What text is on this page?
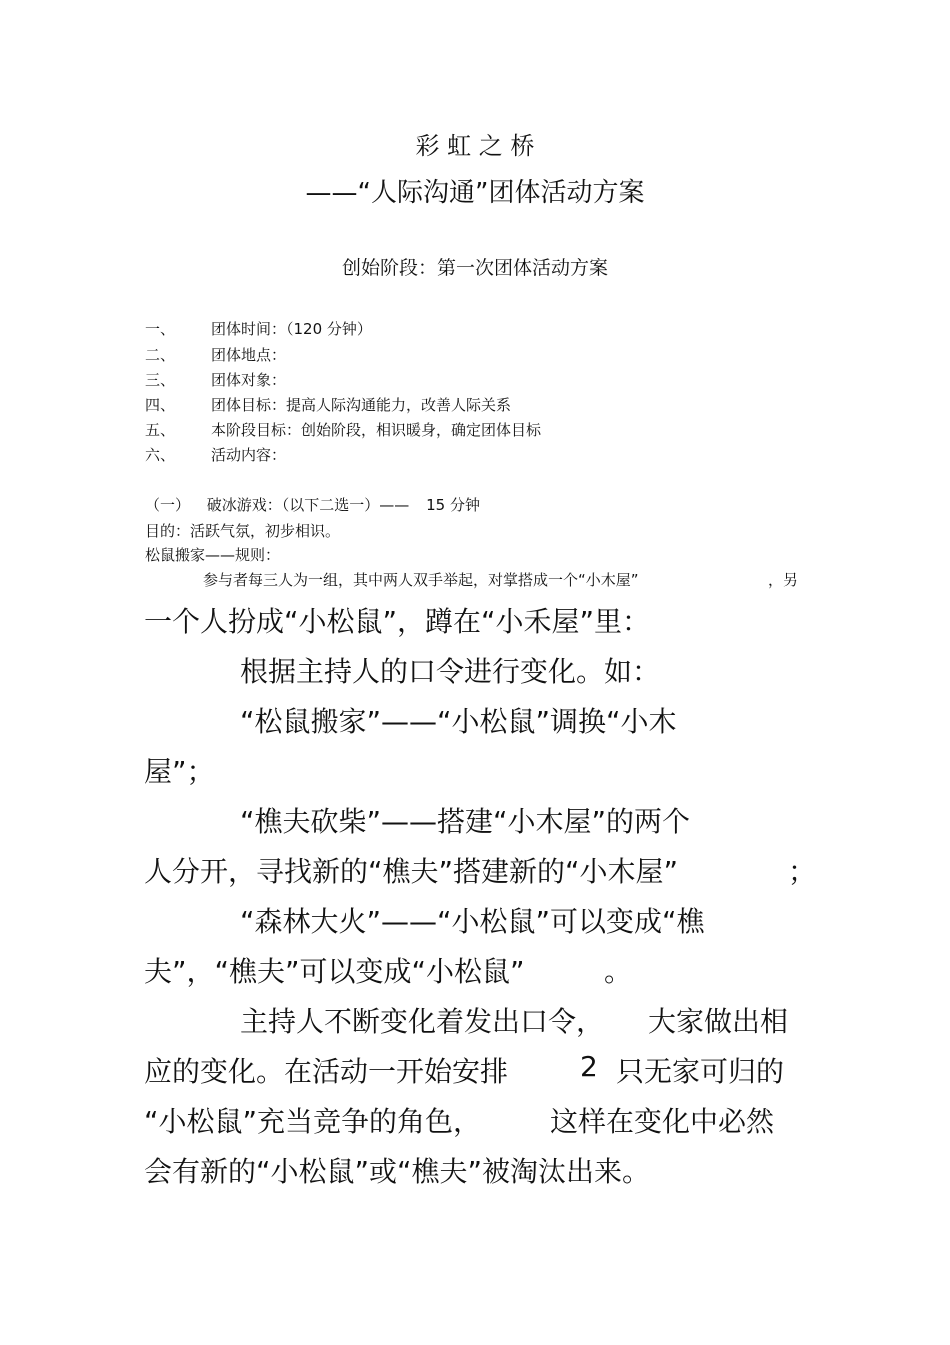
彩 虹 之 桥
——“人际沟通”团体活动方案
创始阶段：第一次团体活动方案
一、 团体时间：（120 分钟）
二、 团体地点：
三、 团体对象：
四、 团体目标：提高人际沟通能力，改善人际关系
五、 本阶段目标：创始阶段，相识暖身，确定团体目标
六、 活动内容：
（一） 破冰游戏：（以下二选一）—— 15 分钟
目的：活跃气氛，初步相识。
松鼠搬家——规则：
参与者每三人为一组，其中两人双手举起，对掌搭成一个“小木屋”	，另
一个人扮成“小松鼠”，蹲在“小禾屋”里：
根据主持人的口令进行变化。如：
“松鼠搬家”——“小松鼠”调换“小木
屋”；
“樵夫砍柴”——搭建“小木屋”的两个
人分开，寻找新的“樵夫”搭建新的“小木屋”	；
“森林大火”——“小松鼠”可以变成“樵
夫”，“樵夫”可以变成“小松鼠”	。
主持人不断变化着发出口令， 大家做出相
应的变化。在活动一开始安排	2 只无家可归的
“小松鼠”充当竞争的角色， 这样在变化中必然
会有新的“小松鼠”或“樵夫”被淘汰出来。
